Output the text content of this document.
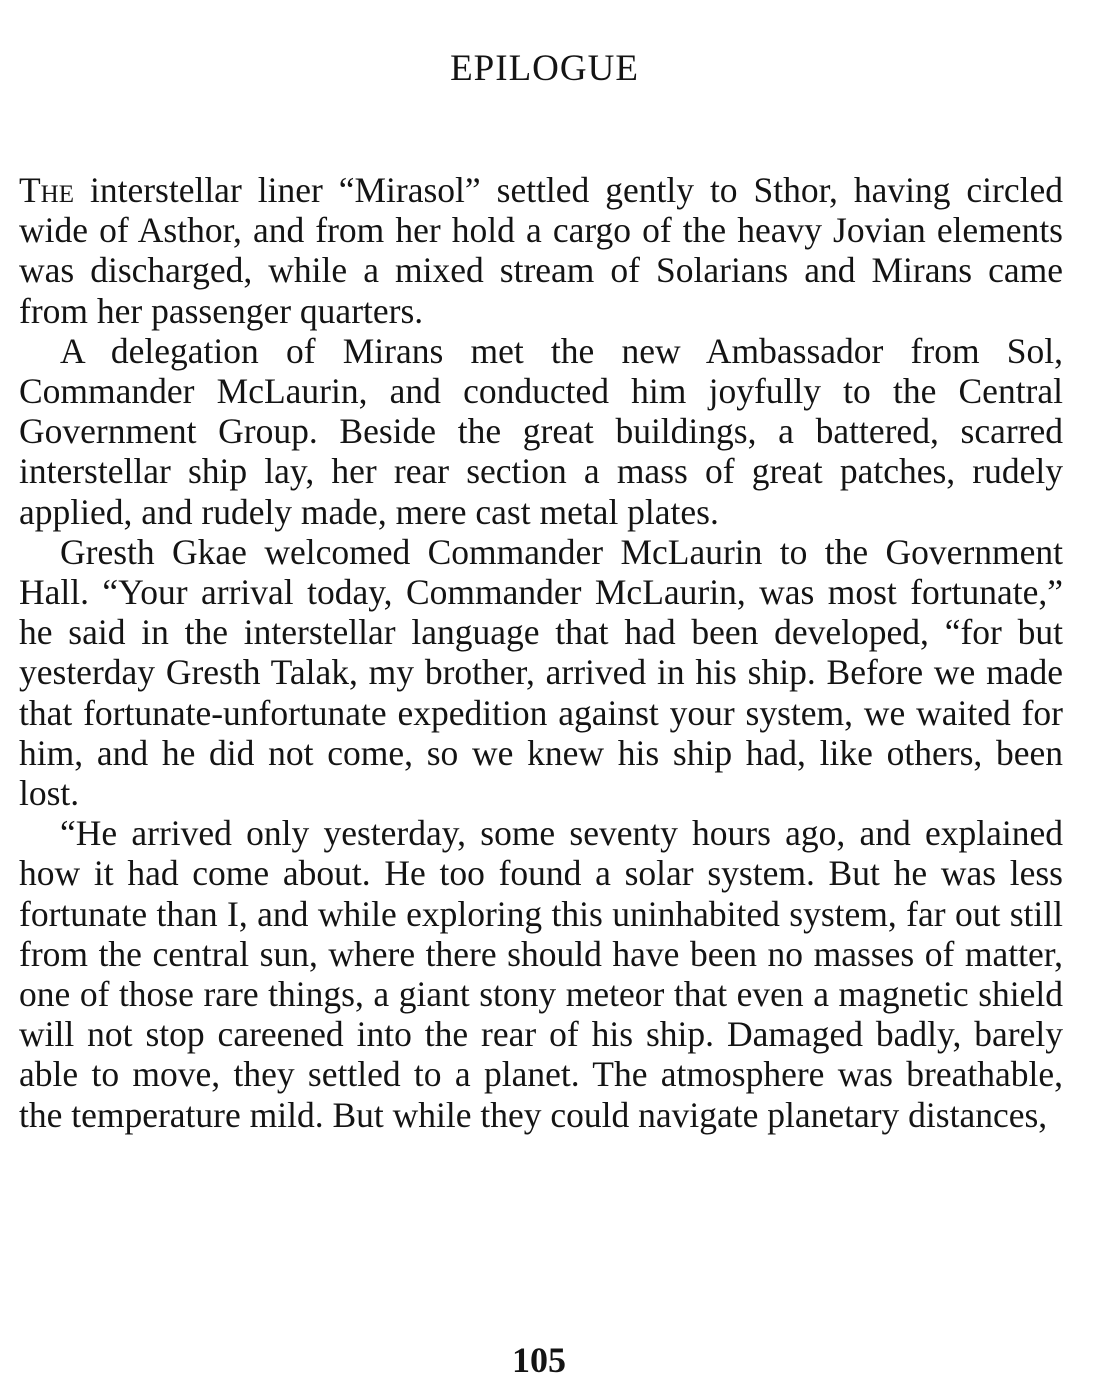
EPILOGUE

The interstellar liner “Mirasol” settled gently to Sthor, having circled wide of Asthor, and from her hold a cargo of the heavy Jovian elements was discharged, while a mixed stream of Solarians and Mirans came from her passenger quarters.

A delegation of Mirans met the new Ambassador from Sol, Commander McLaurin, and conducted him joyfully to the Central Government Group. Beside the great buildings, a battered, scarred interstellar ship lay, her rear section a mass of great patches, rudely applied, and rudely made, mere cast metal plates.

Gresth Gkae welcomed Commander McLaurin to the Government Hall. “Your arrival today, Commander McLaurin, was most fortunate,” he said in the interstellar language that had been developed, “for but yesterday Gresth Talak, my brother, arrived in his ship. Before we made that fortunate-unfortunate expedition against your system, we waited for him, and he did not come, so we knew his ship had, like others, been lost.

“He arrived only yesterday, some seventy hours ago, and explained how it had come about. He too found a solar system. But he was less fortunate than I, and while exploring this uninhabited system, far out still from the central sun, where there should have been no masses of matter, one of those rare things, a giant stony meteor that even a magnetic shield will not stop careened into the rear of his ship. Damaged badly, barely able to move, they settled to a planet. The atmosphere was breathable, the temperature mild. But while they could navigate planetary distances,

105
